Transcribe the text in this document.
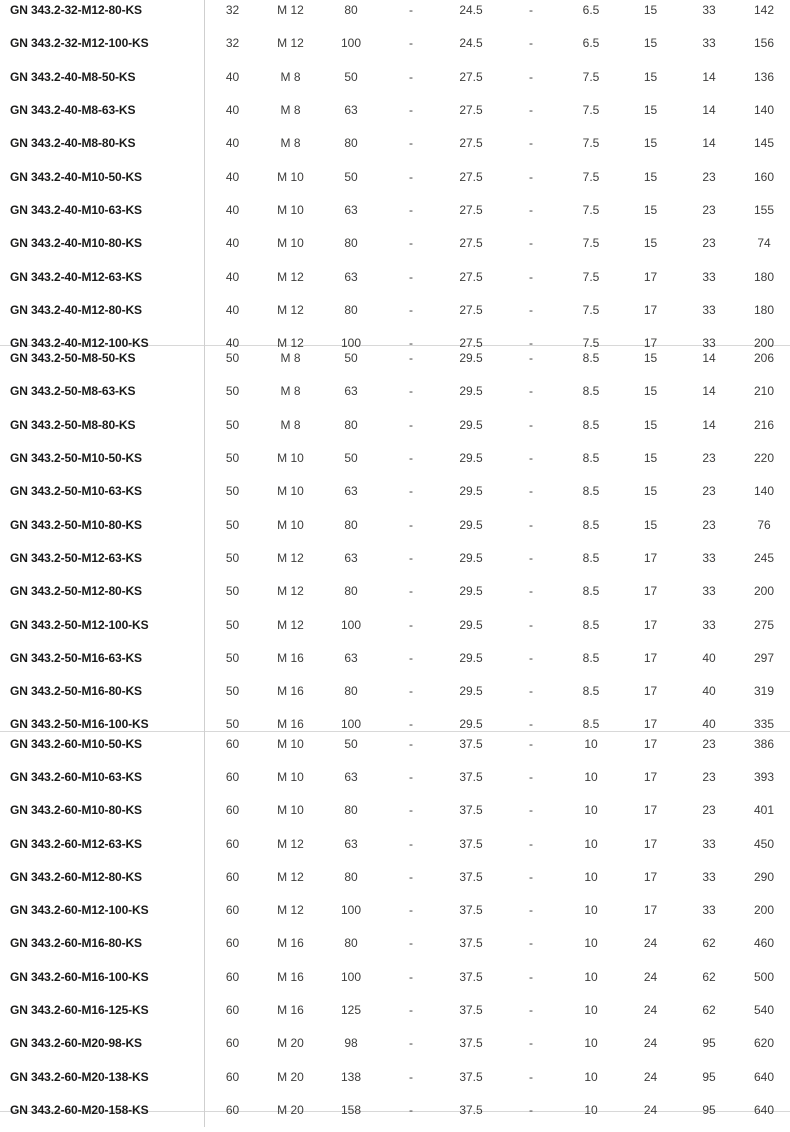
GN 343.2-32-M12-80-KS	32	M 12	80	-	24.5	-	6.5	15	33	142
GN 343.2-32-M12-100-KS	32	M 12	100	-	24.5	-	6.5	15	33	156
GN 343.2-40-M8-50-KS	40	M 8	50	-	27.5	-	7.5	15	14	136
GN 343.2-40-M8-63-KS	40	M 8	63	-	27.5	-	7.5	15	14	140
GN 343.2-40-M8-80-KS	40	M 8	80	-	27.5	-	7.5	15	14	145
GN 343.2-40-M10-50-KS	40	M 10	50	-	27.5	-	7.5	15	23	160
GN 343.2-40-M10-63-KS	40	M 10	63	-	27.5	-	7.5	15	23	155
GN 343.2-40-M10-80-KS	40	M 10	80	-	27.5	-	7.5	15	23	74
GN 343.2-40-M12-63-KS	40	M 12	63	-	27.5	-	7.5	17	33	180
GN 343.2-40-M12-80-KS	40	M 12	80	-	27.5	-	7.5	17	33	180
GN 343.2-40-M12-100-KS	40	M 12	100	-	27.5	-	7.5	17	33	200
GN 343.2-50-M8-50-KS	50	M 8	50	-	29.5	-	8.5	15	14	206
GN 343.2-50-M8-63-KS	50	M 8	63	-	29.5	-	8.5	15	14	210
GN 343.2-50-M8-80-KS	50	M 8	80	-	29.5	-	8.5	15	14	216
GN 343.2-50-M10-50-KS	50	M 10	50	-	29.5	-	8.5	15	23	220
GN 343.2-50-M10-63-KS	50	M 10	63	-	29.5	-	8.5	15	23	140
GN 343.2-50-M10-80-KS	50	M 10	80	-	29.5	-	8.5	15	23	76
GN 343.2-50-M12-63-KS	50	M 12	63	-	29.5	-	8.5	17	33	245
GN 343.2-50-M12-80-KS	50	M 12	80	-	29.5	-	8.5	17	33	200
GN 343.2-50-M12-100-KS	50	M 12	100	-	29.5	-	8.5	17	33	275
GN 343.2-50-M16-63-KS	50	M 16	63	-	29.5	-	8.5	17	40	297
GN 343.2-50-M16-80-KS	50	M 16	80	-	29.5	-	8.5	17	40	319
GN 343.2-50-M16-100-KS	50	M 16	100	-	29.5	-	8.5	17	40	335
GN 343.2-60-M10-50-KS	60	M 10	50	-	37.5	-	10	17	23	386
GN 343.2-60-M10-63-KS	60	M 10	63	-	37.5	-	10	17	23	393
GN 343.2-60-M10-80-KS	60	M 10	80	-	37.5	-	10	17	23	401
GN 343.2-60-M12-63-KS	60	M 12	63	-	37.5	-	10	17	33	450
GN 343.2-60-M12-80-KS	60	M 12	80	-	37.5	-	10	17	33	290
GN 343.2-60-M12-100-KS	60	M 12	100	-	37.5	-	10	17	33	200
GN 343.2-60-M16-80-KS	60	M 16	80	-	37.5	-	10	24	62	460
GN 343.2-60-M16-100-KS	60	M 16	100	-	37.5	-	10	24	62	500
GN 343.2-60-M16-125-KS	60	M 16	125	-	37.5	-	10	24	62	540
GN 343.2-60-M20-98-KS	60	M 20	98	-	37.5	-	10	24	95	620
GN 343.2-60-M20-138-KS	60	M 20	138	-	37.5	-	10	24	95	640
GN 343.2-60-M20-158-KS	60	M 20	158	-	37.5	-	10	24	95	640
